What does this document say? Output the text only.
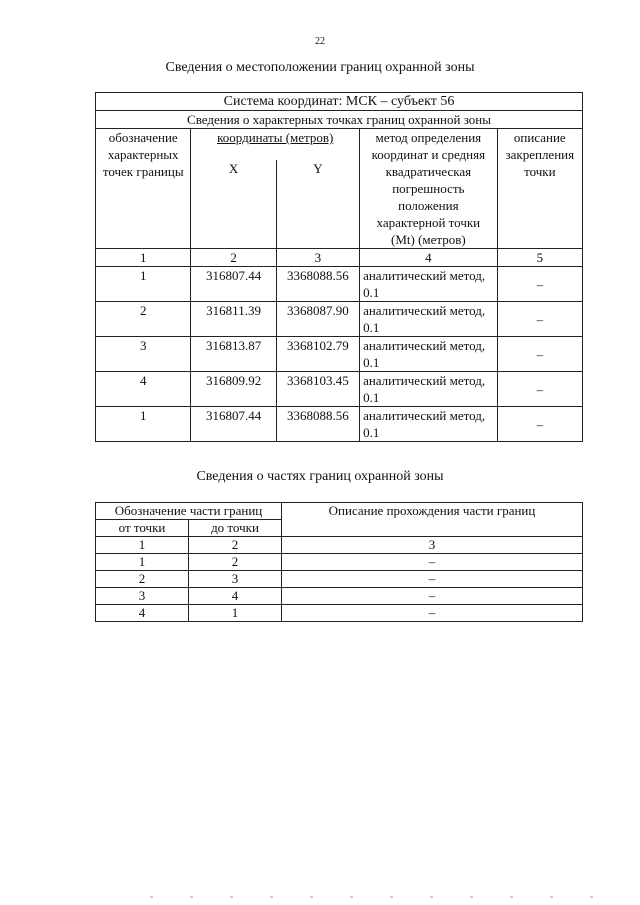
22
Сведения о местоположении границ охранной зоны
Система координат: МСК – субъект 56				
Сведения о характерных точках границ охранной зоны				
обозначение характерных точек границы	координаты (метров)		метод определения координат и средняя квадратическая погрешность положения характерной точки (Mt) (метров)	описание закрепления точки
	X	Y		
1	2	3	4	5
1	316807.44	3368088.56	аналитический метод, 0.1	–
2	316811.39	3368087.90	аналитический метод, 0.1	–
3	316813.87	3368102.79	аналитический метод, 0.1	–
4	316809.92	3368103.45	аналитический метод, 0.1	–
1	316807.44	3368088.56	аналитический метод, 0.1	–
Сведения о частях границ охранной зоны
Обозначение части границ		Описание прохождения части границ
от точки	до точки	
1	2	3
1	2	–
2	3	–
3	4	–
4	1	–
